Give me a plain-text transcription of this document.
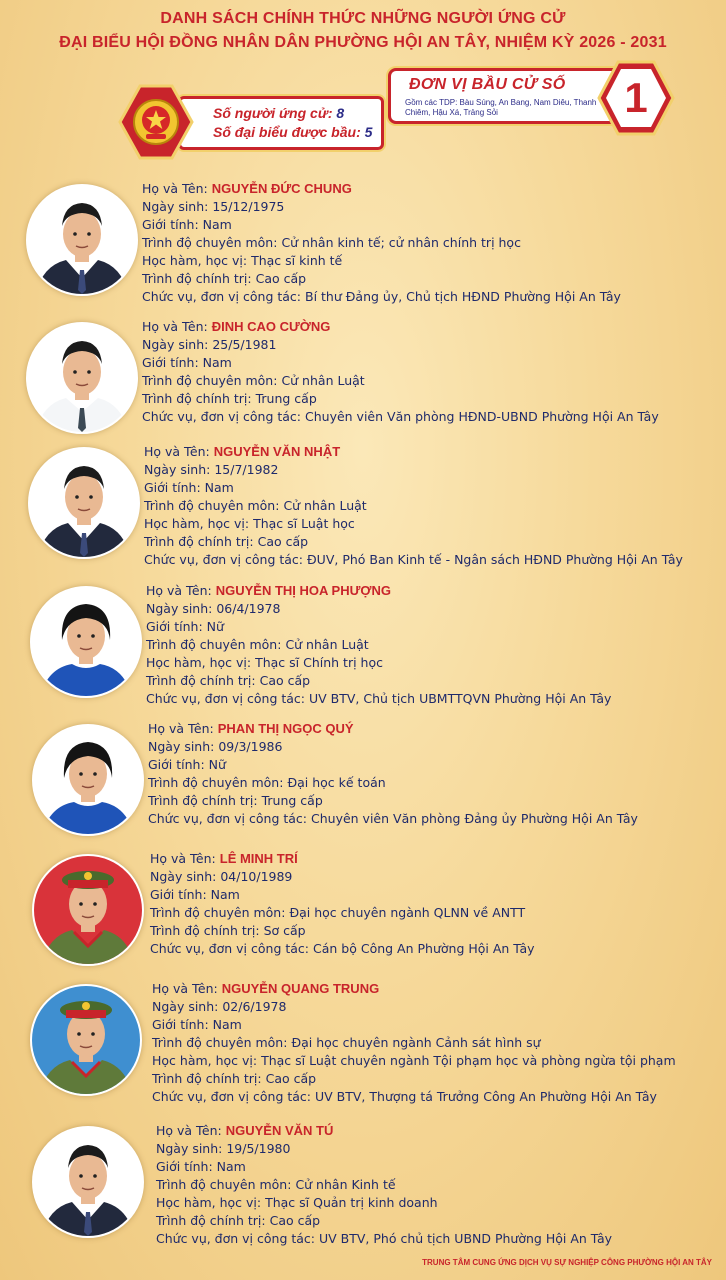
DANH SÁCH CHÍNH THỨC NHỮNG NGƯỜI ỨNG CỬ
ĐẠI BIỂU HỘI ĐỒNG NHÂN DÂN PHƯỜNG HỘI AN TÂY, NHIỆM KỲ 2026 - 2031
Số người ứng cử: 8
Số đại biểu được bầu: 5
ĐƠN VỊ BẦU CỬ SỐ
Gồm các TDP: Bàu Súng, An Bang, Nam Diêu, Thanh Chiêm, Hậu Xá, Trảng Sỏi	1
Họ và Tên: NGUYỄN ĐỨC CHUNG
Ngày sinh: 15/12/1975
Giới tính: Nam
Trình độ chuyên môn: Cử nhân kinh tế; cử nhân chính trị học
Học hàm, học vị: Thạc sĩ kinh tế
Trình độ chính trị: Cao cấp
Chức vụ, đơn vị công tác: Bí thư Đảng ủy, Chủ tịch HĐND Phường Hội An Tây
Họ và Tên: ĐINH CAO CƯỜNG
Ngày sinh: 25/5/1981
Giới tính: Nam
Trình độ chuyên môn: Cử nhân Luật
Trình độ chính trị: Trung cấp
Chức vụ, đơn vị công tác: Chuyên viên Văn phòng HĐND-UBND Phường Hội An Tây
Họ và Tên: NGUYỄN VĂN NHẬT
Ngày sinh: 15/7/1982
Giới tính: Nam
Trình độ chuyên môn: Cử nhân Luật
Học hàm, học vị: Thạc sĩ Luật học
Trình độ chính trị: Cao cấp
Chức vụ, đơn vị công tác: ĐUV, Phó Ban Kinh tế - Ngân sách HĐND Phường Hội An Tây
Họ và Tên: NGUYỄN THỊ HOA PHƯỢNG
Ngày sinh: 06/4/1978
Giới tính: Nữ
Trình độ chuyên môn: Cử nhân Luật
Học hàm, học vị: Thạc sĩ Chính trị học
Trình độ chính trị: Cao cấp
Chức vụ, đơn vị công tác: UV BTV, Chủ tịch UBMTTQVN Phường Hội An Tây
Họ và Tên: PHAN THỊ NGỌC QUÝ
Ngày sinh: 09/3/1986
Giới tính: Nữ
Trình độ chuyên môn: Đại học kế toán
Trình độ chính trị: Trung cấp
Chức vụ, đơn vị công tác: Chuyên viên Văn phòng Đảng ủy Phường Hội An Tây
Họ và Tên: LÊ MINH TRÍ
Ngày sinh: 04/10/1989
Giới tính: Nam
Trình độ chuyên môn: Đại học chuyên ngành QLNN về ANTT
Trình độ chính trị: Sơ cấp
Chức vụ, đơn vị công tác: Cán bộ Công An Phường Hội An Tây
Họ và Tên: NGUYỄN QUANG TRUNG
Ngày sinh: 02/6/1978
Giới tính: Nam
Trình độ chuyên môn: Đại học chuyên ngành Cảnh sát hình sự
Học hàm, học vị: Thạc sĩ Luật chuyên ngành Tội phạm học và phòng ngừa tội phạm
Trình độ chính trị: Cao cấp
Chức vụ, đơn vị công tác: UV BTV, Thượng tá Trưởng Công An Phường Hội An Tây
Họ và Tên: NGUYỄN VĂN TÚ
Ngày sinh: 19/5/1980
Giới tính: Nam
Trình độ chuyên môn: Cử nhân Kinh tế
Học hàm, học vị: Thạc sĩ Quản trị kinh doanh
Trình độ chính trị: Cao cấp
Chức vụ, đơn vị công tác: UV BTV, Phó chủ tịch UBND Phường Hội An Tây
TRUNG TÂM CUNG ỨNG DỊCH VỤ SỰ NGHIỆP CÔNG PHƯỜNG HỘI AN TÂY
